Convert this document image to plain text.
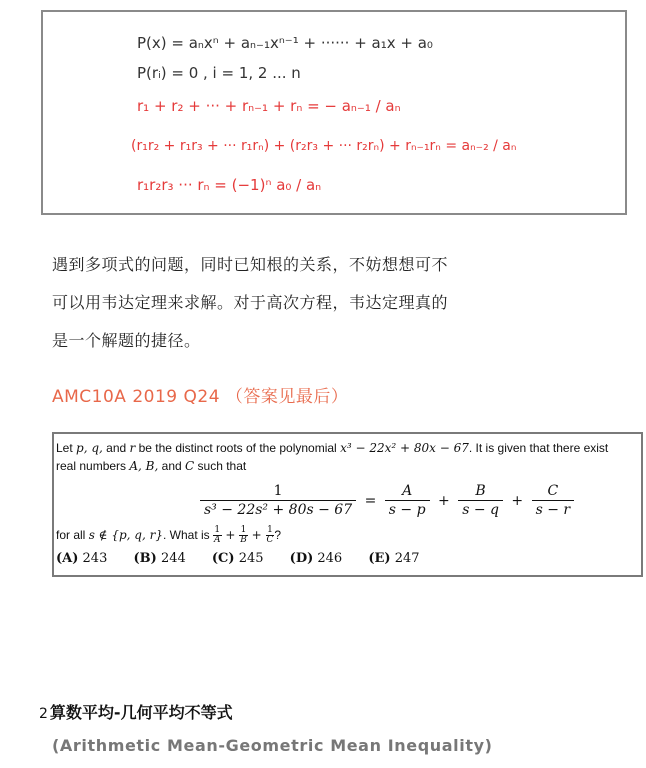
P(x) = aₙxⁿ + aₙ₋₁xⁿ⁻¹ + ······ + a₁x + a₀
P(rᵢ) = 0 , i = 1, 2 ... n
r₁ + r₂ + ··· + rₙ₋₁ + rₙ = − aₙ₋₁ / aₙ
(r₁r₂ + r₁r₃ + ··· r₁rₙ) + (r₂r₃ + ··· r₂rₙ) + rₙ₋₁rₙ = aₙ₋₂ / aₙ
r₁r₂r₃ ··· rₙ = (−1)ⁿ a₀ / aₙ
遇到多项式的问题，同时已知根的关系，不妨想想可不
可以用韦达定理来求解。对于高次方程，韦达定理真的
是一个解题的捷径。
AMC10A 2019 Q24 （答案见最后）
Let p, q, and r be the distinct roots of the polynomial x³ − 22x² + 80x − 67. It is given that there exist
real numbers A, B, and C such that
$\frac{1}{\text{s³ − 22s² + 80s − 67}} = \frac{A}{s - p} + \frac{B}{s - q} + \frac{C}{s - r}$
for all s ∉ {p, q, r}. What is $\frac{1}{A} + \frac{1}{B} + \frac{1}{C}$ ?
(A) 243 (B) 244 (C) 245 (D) 246 (E) 247
2 算数平均-几何平均不等式
(Arithmetic Mean-Geometric Mean Inequality)
